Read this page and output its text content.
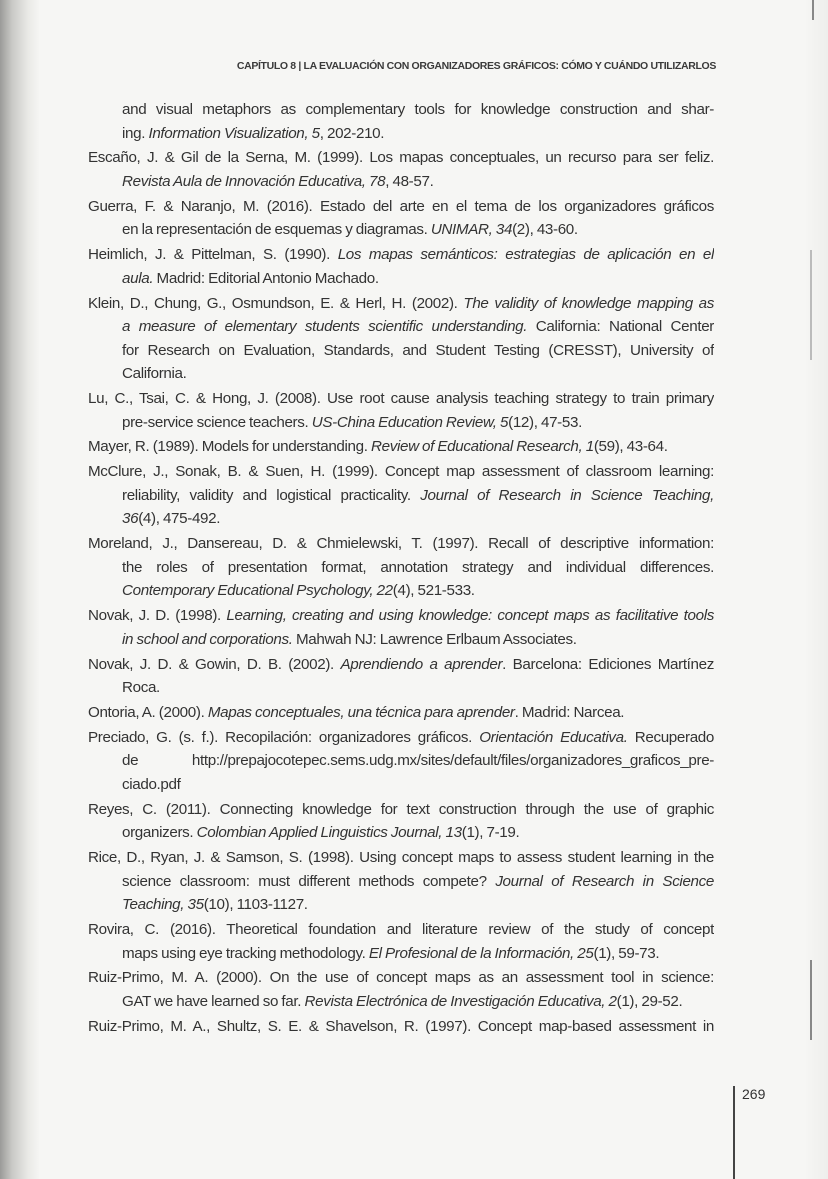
CAPÍTULO 8 | LA EVALUACIÓN CON ORGANIZADORES GRÁFICOS: CÓMO Y CUÁNDO UTILIZARLOS
and visual metaphors as complementary tools for knowledge construction and shar-
ing. Information Visualization, 5, 202-210.
Escaño, J. & Gil de la Serna, M. (1999). Los mapas conceptuales, un recurso para ser feliz.
Revista Aula de Innovación Educativa, 78, 48-57.
Guerra, F. & Naranjo, M. (2016). Estado del arte en el tema de los organizadores gráficos
en la representación de esquemas y diagramas. UNIMAR, 34(2), 43-60.
Heimlich, J. & Pittelman, S. (1990). Los mapas semánticos: estrategias de aplicación en el
aula. Madrid: Editorial Antonio Machado.
Klein, D., Chung, G., Osmundson, E. & Herl, H. (2002). The validity of knowledge mapping as
a measure of elementary students scientific understanding. California: National Center
for Research on Evaluation, Standards, and Student Testing (CRESST), University of
California.
Lu, C., Tsai, C. & Hong, J. (2008). Use root cause analysis teaching strategy to train primary
pre-service science teachers. US-China Education Review, 5(12), 47-53.
Mayer, R. (1989). Models for understanding. Review of Educational Research, 1(59), 43-64.
McClure, J., Sonak, B. & Suen, H. (1999). Concept map assessment of classroom learning:
reliability, validity and logistical practicality. Journal of Research in Science Teaching,
36(4), 475-492.
Moreland, J., Dansereau, D. & Chmielewski, T. (1997). Recall of descriptive information:
the roles of presentation format, annotation strategy and individual differences.
Contemporary Educational Psychology, 22(4), 521-533.
Novak, J. D. (1998). Learning, creating and using knowledge: concept maps as facilitative tools
in school and corporations. Mahwah NJ: Lawrence Erlbaum Associates.
Novak, J. D. & Gowin, D. B. (2002). Aprendiendo a aprender. Barcelona: Ediciones Martínez
Roca.
Ontoria, A. (2000). Mapas conceptuales, una técnica para aprender. Madrid: Narcea.
Preciado, G. (s. f.). Recopilación: organizadores gráficos. Orientación Educativa. Recuperado
de http://prepajocotepec.sems.udg.mx/sites/default/files/organizadores_graficos_pre-
ciado.pdf
Reyes, C. (2011). Connecting knowledge for text construction through the use of graphic
organizers. Colombian Applied Linguistics Journal, 13(1), 7-19.
Rice, D., Ryan, J. & Samson, S. (1998). Using concept maps to assess student learning in the
science classroom: must different methods compete? Journal of Research in Science
Teaching, 35(10), 1103-1127.
Rovira, C. (2016). Theoretical foundation and literature review of the study of concept
maps using eye tracking methodology. El Profesional de la Información, 25(1), 59-73.
Ruiz-Primo, M. A. (2000). On the use of concept maps as an assessment tool in science:
GAT we have learned so far. Revista Electrónica de Investigación Educativa, 2(1), 29-52.
Ruiz-Primo, M. A., Shultz, S. E. & Shavelson, R. (1997). Concept map-based assessment in
269
